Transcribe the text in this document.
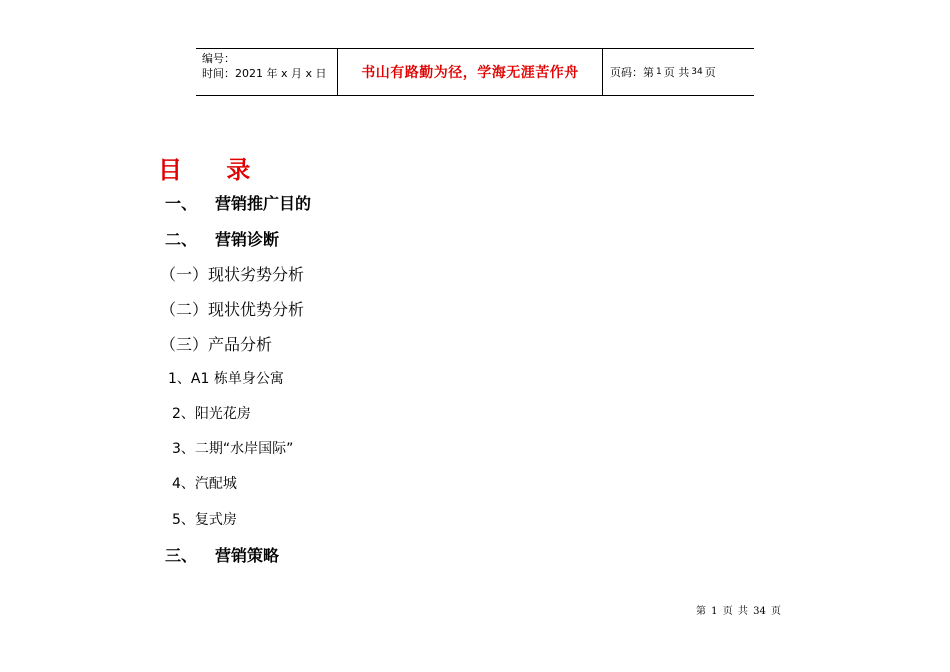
编号：
时间：2021 年 x 月 x 日	书山有路勤为径，学海无涯苦作舟	页码：第 1 页 共 34 页
目 录
一、 营销推广目的
二、 营销诊断
（一）现状劣势分析
（二）现状优势分析
（三）产品分析
1、A1 栋单身公寓
2、阳光花房
3、二期“水岸国际”
4、汽配城
5、复式房
三、 营销策略
第 1 页 共 34 页
